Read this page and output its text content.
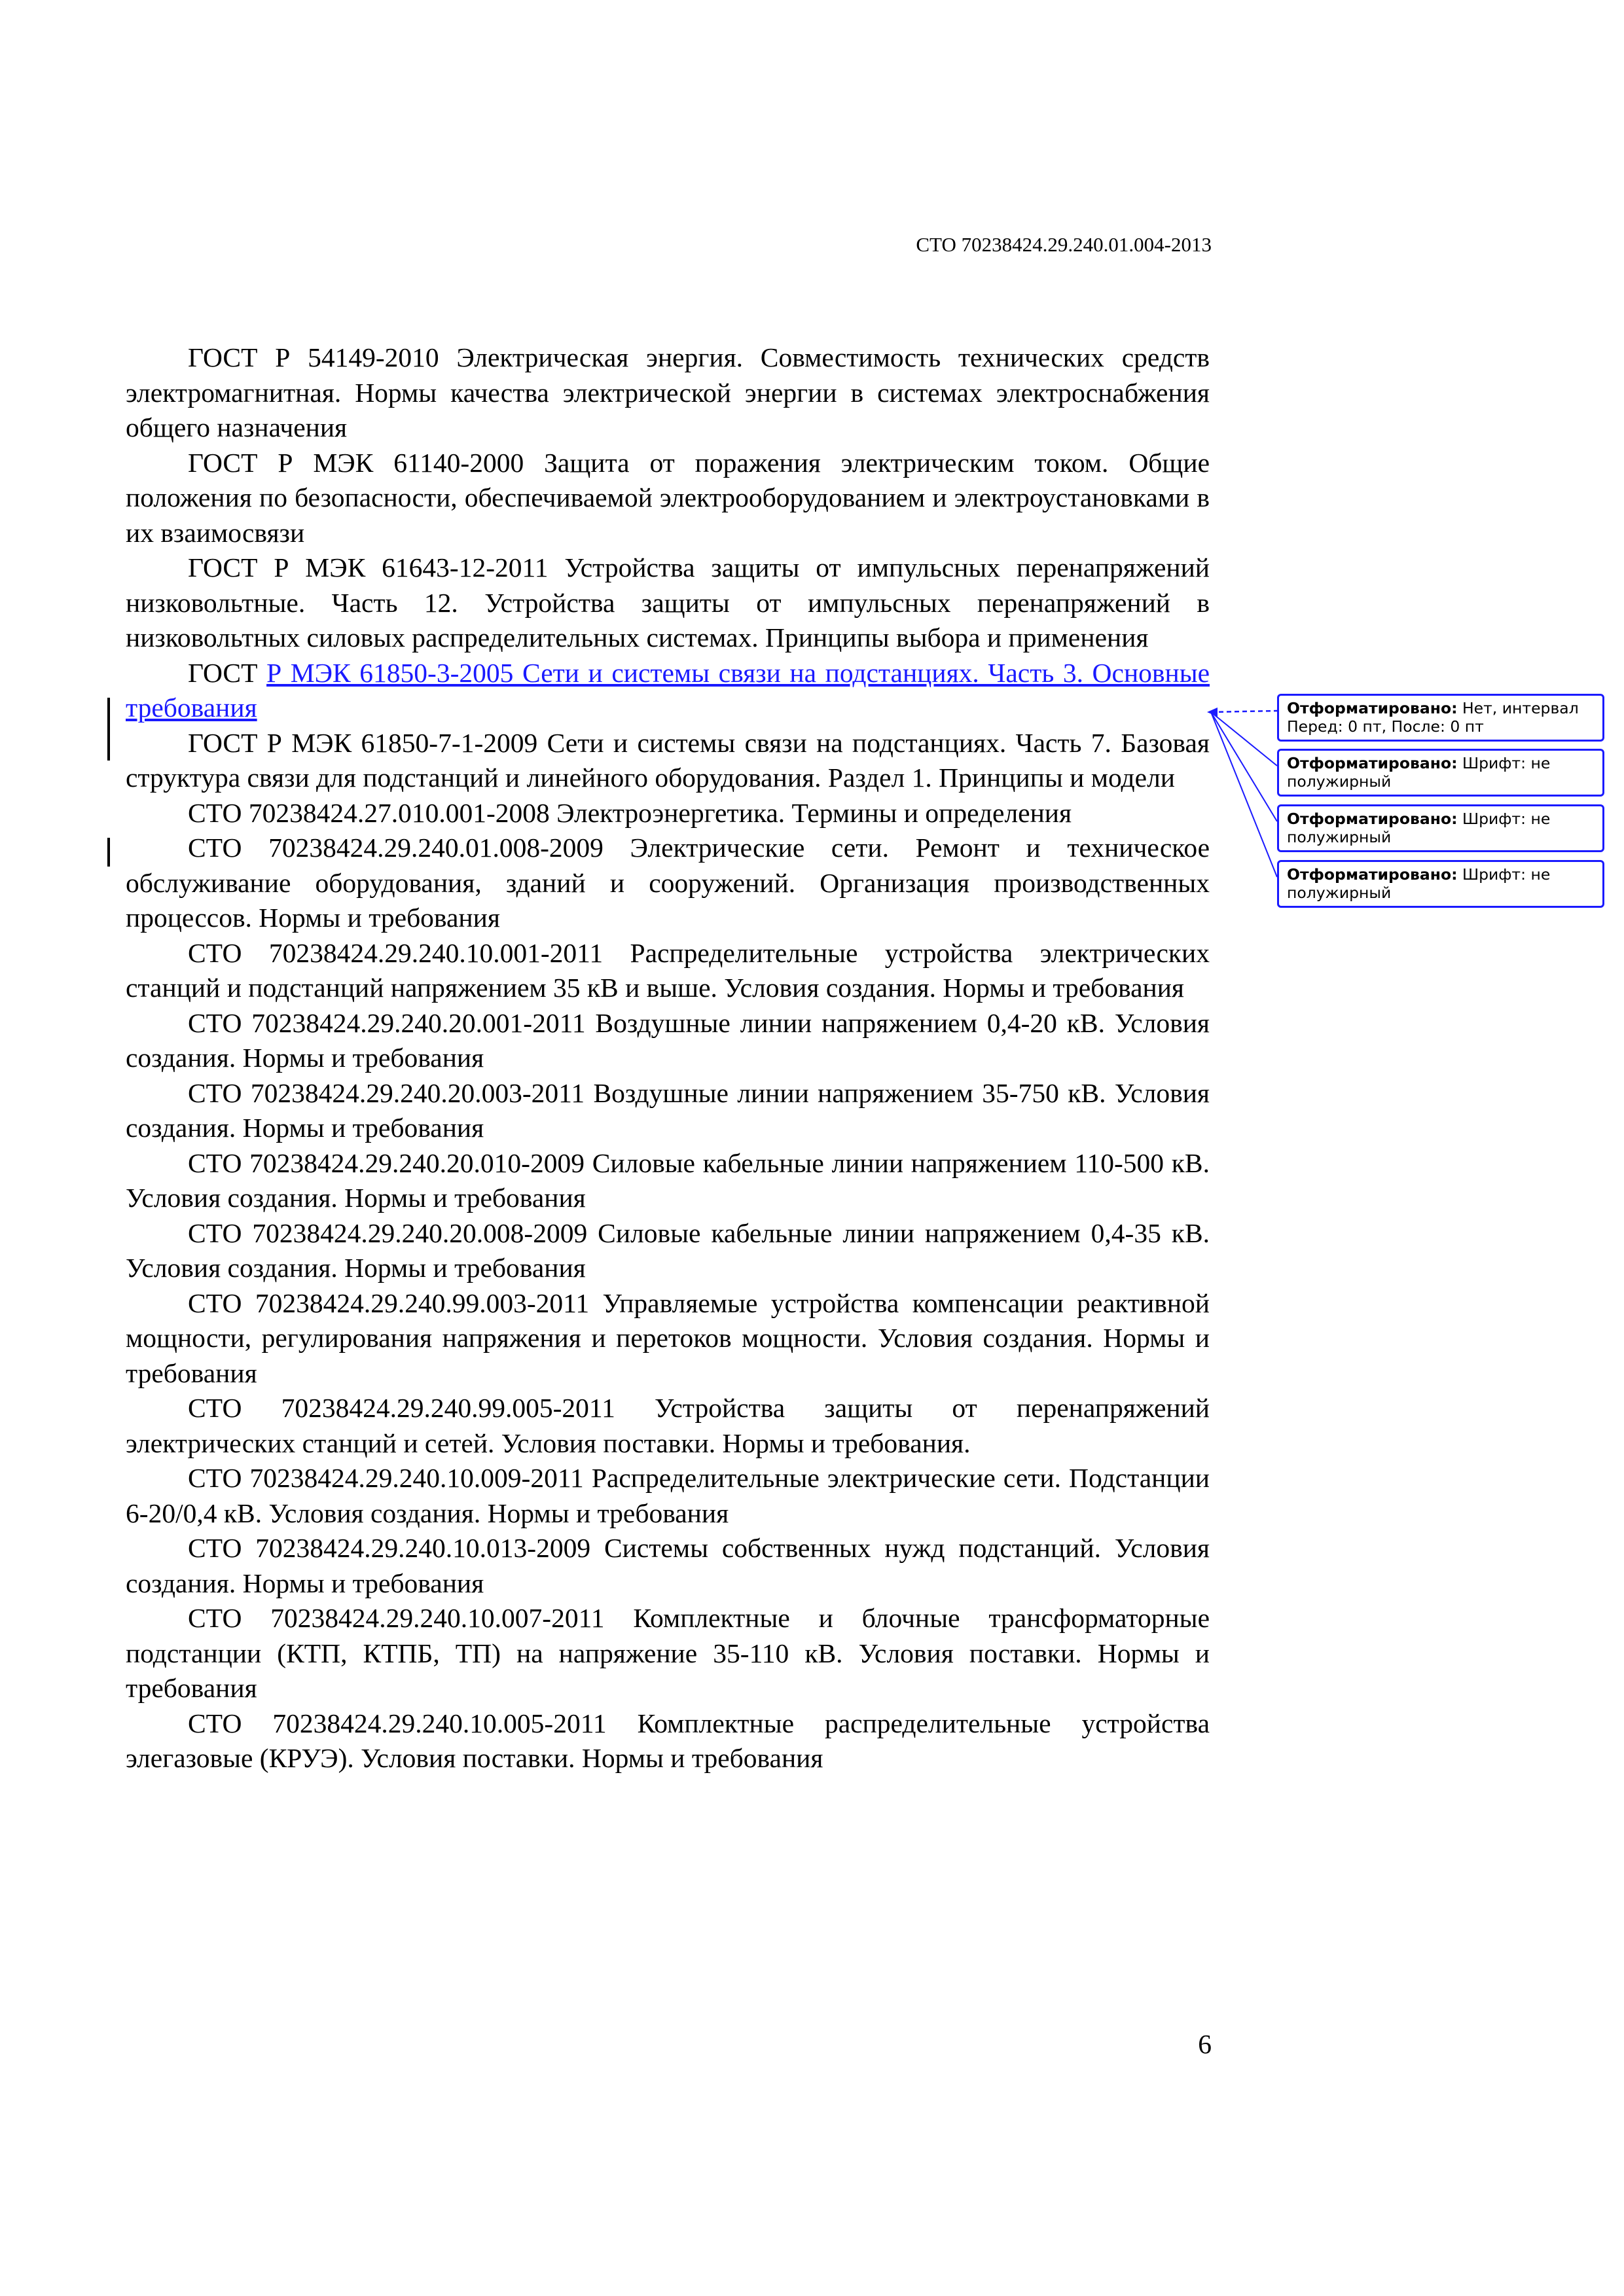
СТО 70238424.29.240.01.004-2013

ГОСТ Р 54149-2010 Электрическая энергия. Совместимость технических средств электромагнитная. Нормы качества электрической энергии в системах электроснабжения общего назначения

ГОСТ Р МЭК 61140-2000 Защита от поражения электрическим током. Общие положения по безопасности, обеспечиваемой электрооборудованием и электроустановками в их взаимосвязи

ГОСТ Р МЭК 61643-12-2011 Устройства защиты от импульсных перенапряжений низковольтные. Часть 12. Устройства защиты от импульсных перенапряжений в низковольтных силовых распределительных системах. Принципы выбора и применения

ГОСТ Р МЭК 61850-3-2005 Сети и системы связи на подстанциях. Часть 3. Основные требования

ГОСТ Р МЭК 61850-7-1-2009 Сети и системы связи на подстанциях. Часть 7. Базовая структура связи для подстанций и линейного оборудования. Раздел 1. Принципы и модели

СТО 70238424.27.010.001-2008 Электроэнергетика. Термины и определения

СТО 70238424.29.240.01.008-2009 Электрические сети. Ремонт и техническое обслуживание оборудования, зданий и сооружений. Организация производственных процессов. Нормы и требования

СТО 70238424.29.240.10.001-2011 Распределительные устройства электрических станций и подстанций напряжением 35 кВ и выше. Условия создания. Нормы и требования

СТО 70238424.29.240.20.001-2011 Воздушные линии напряжением 0,4-20 кВ. Условия создания. Нормы и требования

СТО 70238424.29.240.20.003-2011 Воздушные линии напряжением 35-750 кВ. Условия создания. Нормы и требования

СТО 70238424.29.240.20.010-2009 Силовые кабельные линии напряжением 110-500 кВ. Условия создания. Нормы и требования

СТО 70238424.29.240.20.008-2009 Силовые кабельные линии напряжением 0,4-35 кВ. Условия создания. Нормы и требования

СТО 70238424.29.240.99.003-2011 Управляемые устройства компенсации реактивной мощности, регулирования напряжения и перетоков мощности. Условия создания. Нормы и требования

СТО 70238424.29.240.99.005-2011 Устройства защиты от перенапряжений электрических станций и сетей. Условия поставки. Нормы и требования.

СТО 70238424.29.240.10.009-2011 Распределительные электрические сети. Подстанции 6-20/0,4 кВ. Условия создания. Нормы и требования

СТО 70238424.29.240.10.013-2009 Системы собственных нужд подстанций. Условия создания. Нормы и требования

СТО 70238424.29.240.10.007-2011 Комплектные и блочные трансформаторные подстанции (КТП, КТПБ, ТП) на напряжение 35-110 кВ. Условия поставки. Нормы и требования

СТО 70238424.29.240.10.005-2011 Комплектные распределительные устройства элегазовые (КРУЭ). Условия поставки. Нормы и требования

Отформатировано: Нет, интервал Перед: 0 пт, После: 0 пт
Отформатировано: Шрифт: не полужирный
Отформатировано: Шрифт: не полужирный
Отформатировано: Шрифт: не полужирный
6
